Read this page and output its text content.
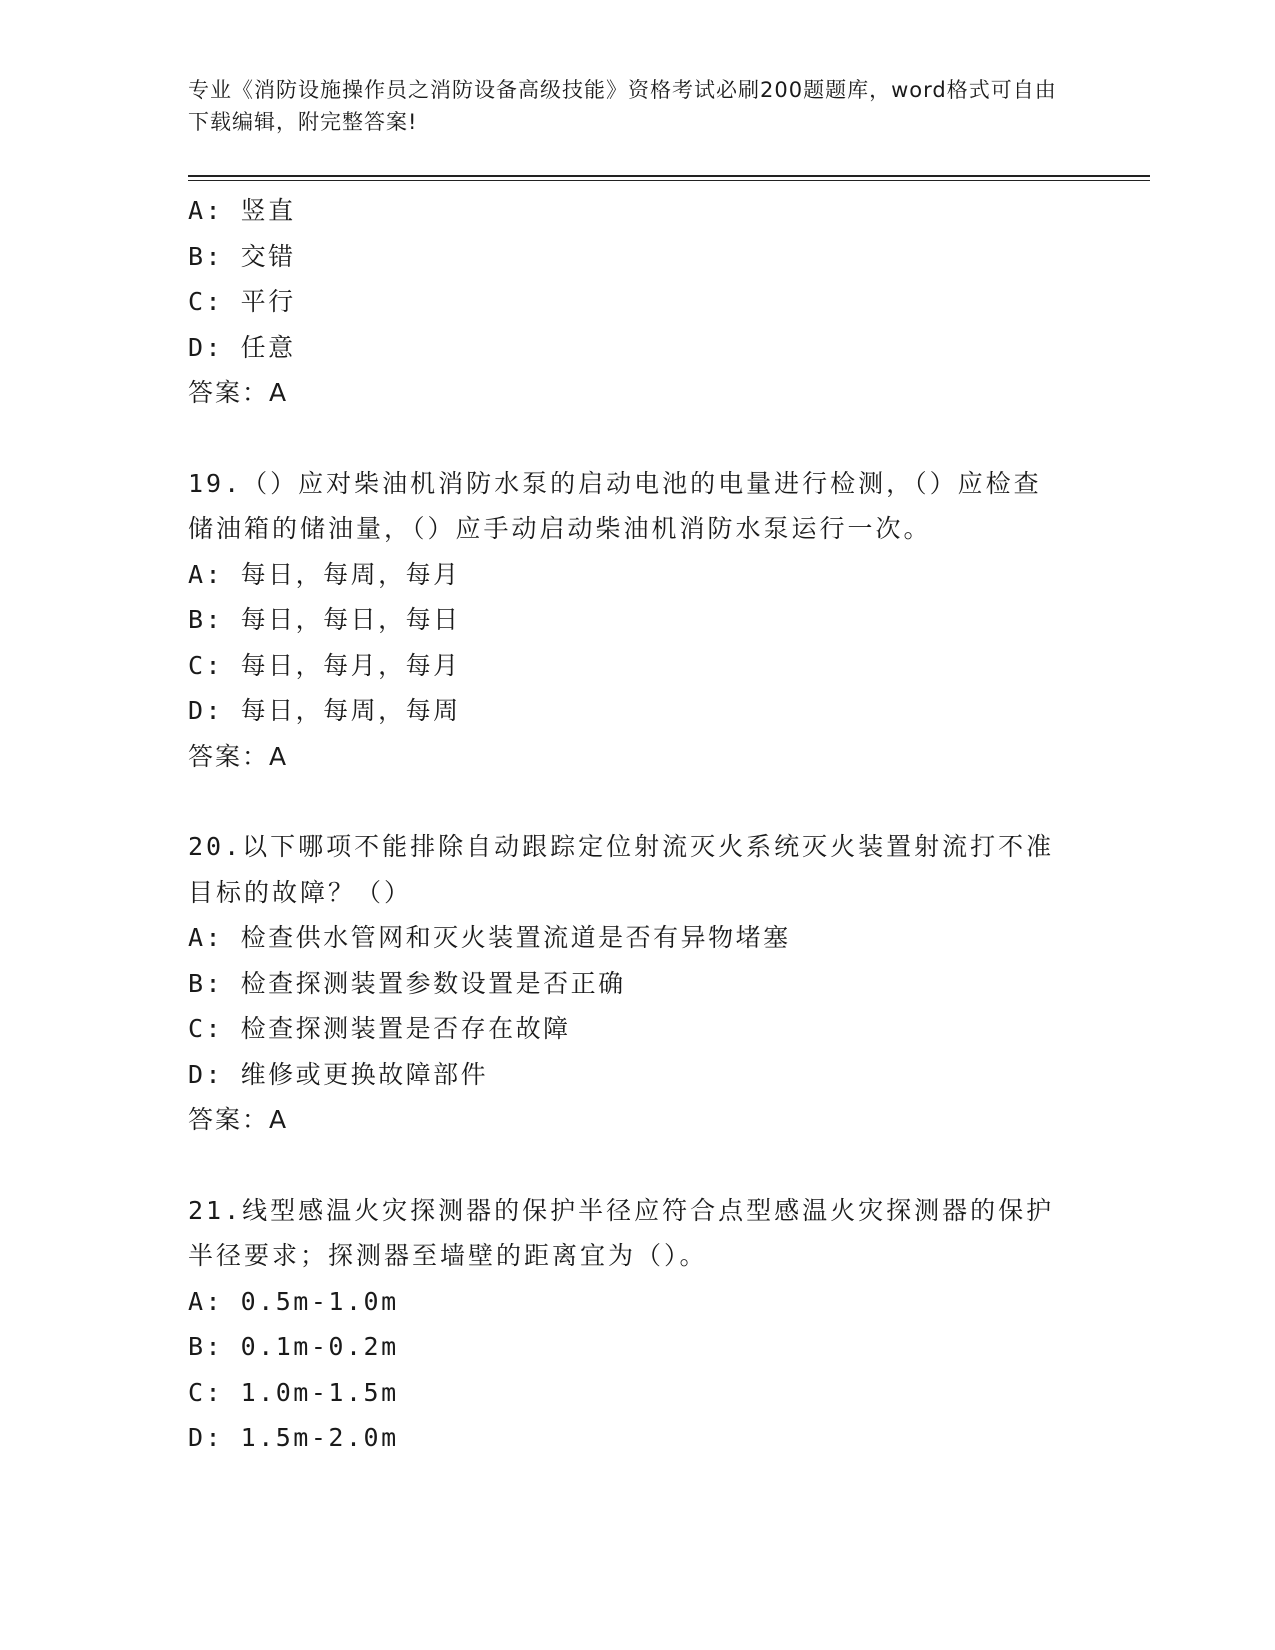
专业《消防设施操作员之消防设备高级技能》资格考试必刷200题题库，word格式可自由下载编辑，附完整答案!
A: 竖直
B: 交错
C: 平行
D: 任意
答案：A
19.（）应对柴油机消防水泵的启动电池的电量进行检测，（）应检查储油箱的储油量，（）应手动启动柴油机消防水泵运行一次。
A: 每日，每周，每月
B: 每日，每日，每日
C: 每日，每月，每月
D: 每日，每周，每周
答案：A
20.以下哪项不能排除自动跟踪定位射流灭火系统灭火装置射流打不准目标的故障？（）
A: 检查供水管网和灭火装置流道是否有异物堵塞
B: 检查探测装置参数设置是否正确
C: 检查探测装置是否存在故障
D: 维修或更换故障部件
答案：A
21.线型感温火灾探测器的保护半径应符合点型感温火灾探测器的保护半径要求；探测器至墙壁的距离宜为（）。
A: 0.5m-1.0m
B: 0.1m-0.2m
C: 1.0m-1.5m
D: 1.5m-2.0m
